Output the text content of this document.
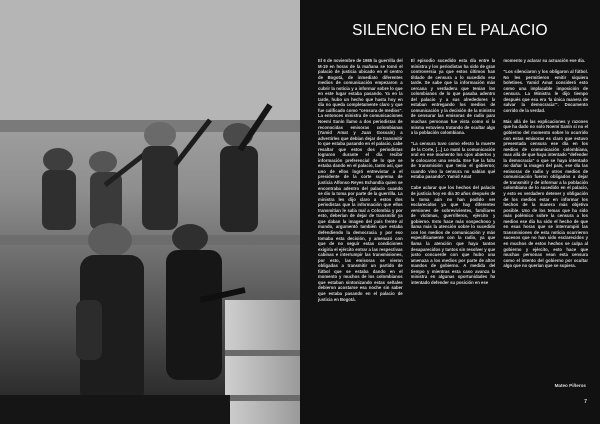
SILENCIO EN EL PALACIO

El 6 de noviembre de 1985 la guerrilla del M-19 en horas de la mañana se tomó el palacio de justicia ubicado en el centro de Bogotá, de inmediato diferentes medios de comunicación empezaron a cubrir la noticia y a informar sobre lo que en este lugar estaba pasando. Ya en la tarde, hubo un hecho que hasta hoy en día no queda completamente claro y que fue calificado como "censura de medios". La entonces ministra de comunicaciones Noemí Sanín llamo a dos periodistas de reconocidas emisoras colombianas (Yamid Amat y Juan Gossaín) a advertirles que debían dejar de transmitir lo que estaba pasando en el palacio, cabe resaltar que estos dos periodistas lograron durante el día recibir información preferencial de lo que se estaba dando en el palacio, tanto así, que uno de ellos logró entrevistar a el presidente de la corte suprema de justicia Alfonso Reyes Echandía quien se encontraba adentro del palacio cuando se dio la toma por parte de la guerrilla. La ministra les dijo claro a estos dos periodistas que la información que ellos transmitían le salía mal a Colombia y por esto, deberían de dejar de transmitir ya que daban la imagen del país frente al mundo, argumentó también que estaba defendiendo la democracia y por eso tomaba esta decisión, y amenazó con que de no seguir estas condiciones exigiría el ejército entrar a las respectivas cabinas e interrumpir las transmisiones, por esto, las emisoras se vieron obligadas a transmitir un partido de fútbol que se estaba dando en el momento y muchos de los colombianos que estaban sintonizando estas señales debieron acostarse esa noche sin saber que estaba pasando en el palacio de justicia en Bogotá.

El episodio sucedido esta día entre la ministra y los periodistas ha sido de gran controversia ya que estos últimos han tildado de censura a lo sucedido esa tarde. Se sabe que la información más cercana y verdadera que tenían los colombianos de lo que pasaba adentro del palacio y a sus alrededores la estaban entregando los medios de comunicación y la decisión de la ministra de censurar las emisoras de radio para muchas personas fue vista como si la misma estuviera tratando de ocultar algo a la población colombiana.

"La censura tuvo como efecto la muerte de la Corte, [...] Lo mató la comunicación oral en ese momento los ojos abiertos y le colocaron una venda. Ese fue la falta de transmisión que tenía el gobierno; cuando vino la censura no sabían qué estaba pasando". Yamid Amat

Cabe aclarar que los hechos del palacio de justicia hoy en día 30 años después de la toma aún no han podido ser esclarecidos ya que hay diferentes versiones de sobrevivientes, familiares de víctimas, guerrilleros, ejército y gobierno. Esto hace más sospechoso y llama más la atención sobre lo sucedido con los medios de comunicación y más específicamente con la radio, ya que llama la atención que haya tantos desaparecidos y tantos sin resolver y que justo concuerde con que hubo una amenaza a los medios por parte de altos mandos de gobierno. A medida del tiempo y mientras esta caso avanza la ministra en algunas oportunidades ha intentado defender su posición en ese

momento y aclarar su actuación ese día.

"Los silenciaron y los obligaron al fútbol. No les permitieron emitir siquiera boletines. Yamid Amat consideró esto como una implacable imposición de censura. La Ministra le dijo tiempo después que esa era 'la única manera de salvar la democracia'". Documento corrido de la verdad.

Más allá de las explicaciones y razones que ha dado no solo Noemí Sanín si no el gobierno del momento sobre lo ocurrido con estas emisoras es claro que estuvo presentada censura ese día en los medios de comunicación colombiana, mas allá de que haya intentado "defender la democracia" o que se haya intentado no dañar la imagen del país, ese día las emisoras de radio y otros medios de comunicación fueron obligados a dejar de transmitir y de informar a la población colombiana de lo sucedido en el palacio, y esto es verdadero detener y obligación de los medios estar en informar los hechos de la manera más objetiva posible. Uno de los temas que ha sido más polémico sobre la censura a los medios ese día ha sido el hecho de que en esas horas que se interrumpió las transmisiones de esta noticia ocurrieron sucesos que no han sido esclarecidos y en muchos de estos hechos se culpa al gobierno y ejército, esto hace que muchas personas vean esta censura como el intento del gobierno por ocultar algo que no querían que se supiera.

Mateo Piñeros
7
